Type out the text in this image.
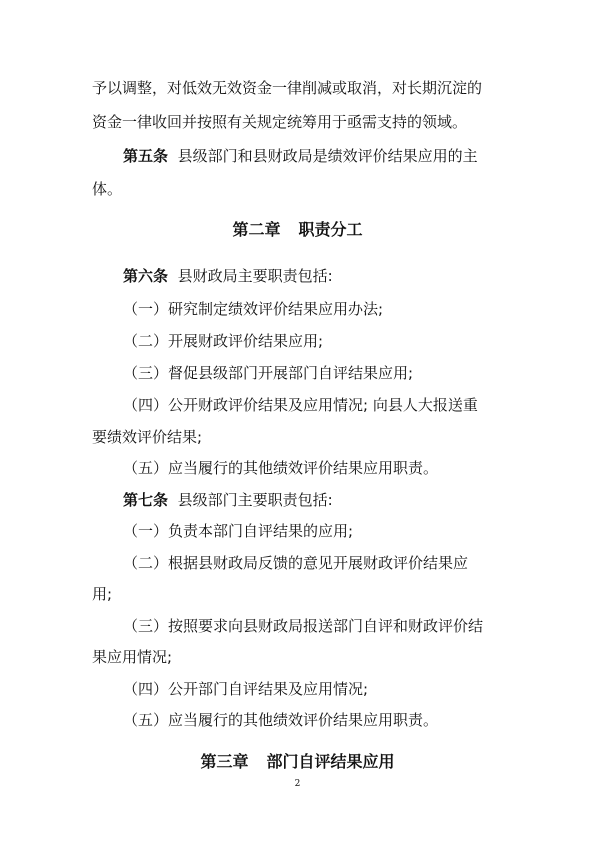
予以调整，对低效无效资金一律削减或取消，对长期沉淀的
资金一律收回并按照有关规定统筹用于亟需支持的领域。
第五条 县级部门和县财政局是绩效评价结果应用的主
体。
第二章 职责分工
第六条 县财政局主要职责包括:
（一）研究制定绩效评价结果应用办法;
（二）开展财政评价结果应用;
（三）督促县级部门开展部门自评结果应用;
（四）公开财政评价结果及应用情况; 向县人大报送重
要绩效评价结果;
（五）应当履行的其他绩效评价结果应用职责。
第七条 县级部门主要职责包括:
（一）负责本部门自评结果的应用;
（二）根据县财政局反馈的意见开展财政评价结果应
用;
（三）按照要求向县财政局报送部门自评和财政评价结
果应用情况;
（四）公开部门自评结果及应用情况;
（五）应当履行的其他绩效评价结果应用职责。
第三章 部门自评结果应用
2
